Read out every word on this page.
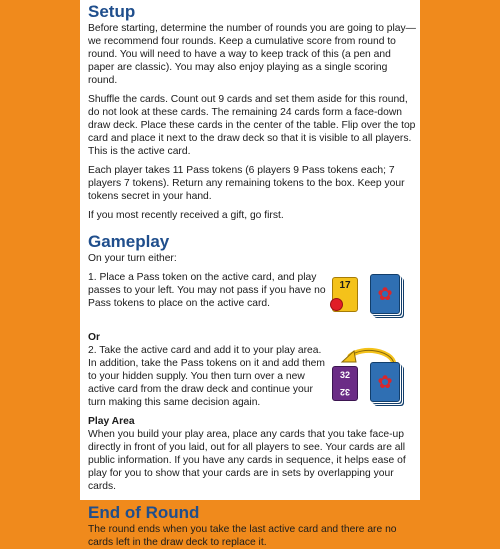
Setup

Before starting, determine the number of rounds you are going to play—we recommend four rounds. Keep a cumulative score from round to round. You will need to have a way to keep track of this (a pen and paper are classic). You may also enjoy playing as a single scoring round.

Shuffle the cards. Count out 9 cards and set them aside for this round, do not look at these cards. The remaining 24 cards form a face-down draw deck. Place these cards in the center of the table. Flip over the top card and place it next to the draw deck so that it is visible to all players. This is the active card.

Each player takes 11 Pass tokens (6 players 9 Pass tokens each; 7 players 7 tokens). Return any remaining tokens to the box. Keep your tokens secret in your hand.

If you most recently received a gift, go first.

Gameplay

On your turn either:

1. Place a Pass token on the active card, and play passes to your left. You may not pass if you have no Pass tokens to place on the active card.

17	✿

Or

2. Take the active card and add it to your play area. In addition, take the Pass tokens on it and add them to your hidden supply. You then turn over a new active card from the draw deck and continue your turn making this same decision again.

32
32	✿

Play Area

When you build your play area, place any cards that you take face-up directly in front of you laid, out for all players to see. Your cards are all public information. If you have any cards in sequence, it helps ease of play for you to show that your cards are in sets by overlapping your cards.

End of Round

The round ends when you take the last active card and there are no cards left in the draw deck to replace it.
